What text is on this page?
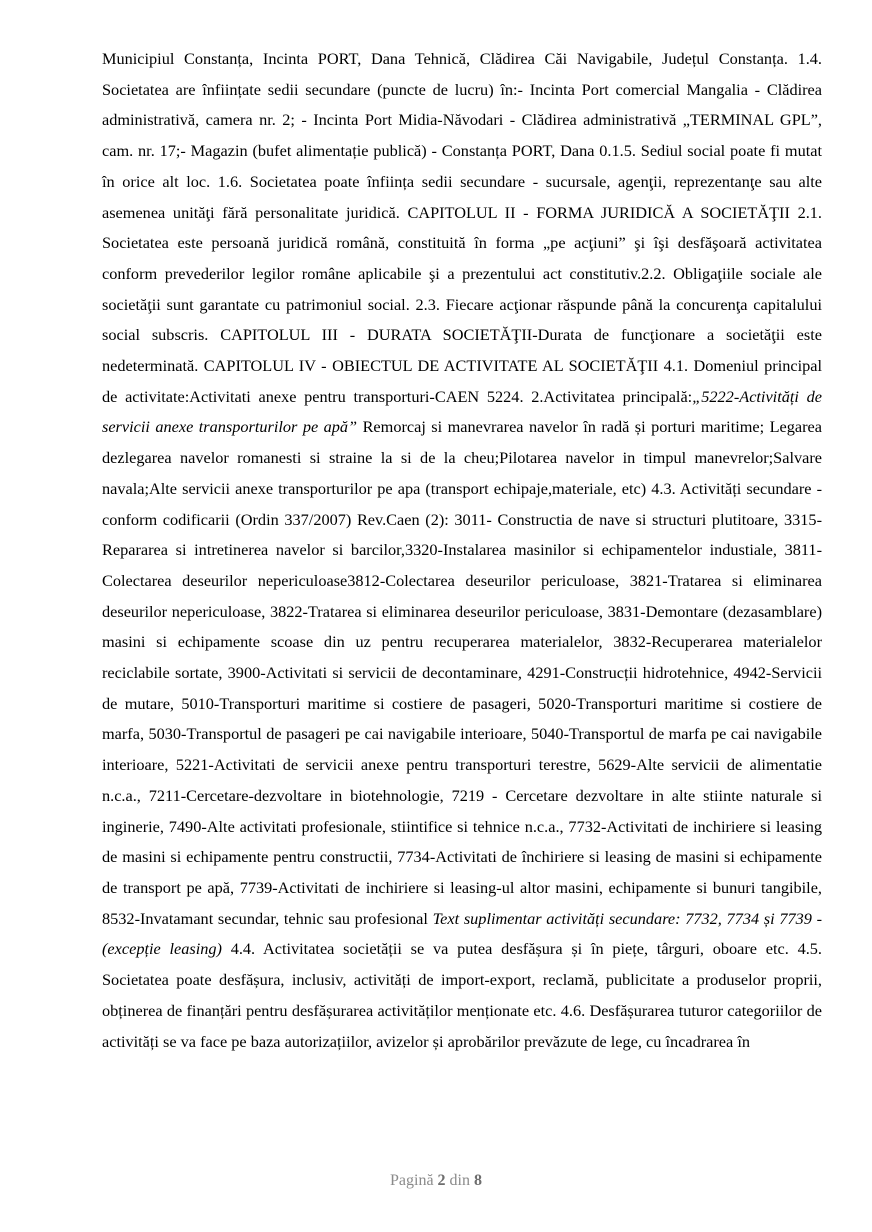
Municipiul Constanța, Incinta PORT, Dana Tehnică, Clădirea Căi Navigabile, Județul Constanța. 1.4. Societatea are înființate sedii secundare (puncte de lucru) în:- Incinta Port comercial Mangalia - Clădirea administrativă, camera nr. 2; - Incinta Port Midia-Năvodari - Clădirea administrativă „TERMINAL GPL”, cam. nr. 17;- Magazin (bufet alimentație publică) - Constanța PORT, Dana 0.1.5. Sediul social poate fi mutat în orice alt loc. 1.6. Societatea poate înființa sedii secundare - sucursale, agenţii, reprezentanţe sau alte asemenea unităţi fără personalitate juridică. CAPITOLUL II - FORMA JURIDICĂ A SOCIETĂŢII 2.1. Societatea este persoană juridică română, constituită în forma „pe acţiuni” şi îşi desfăşoară activitatea conform prevederilor legilor române aplicabile şi a prezentului act constitutiv.2.2. Obligaţiile sociale ale societăţii sunt garantate cu patrimoniul social. 2.3. Fiecare acţionar răspunde până la concurenţa capitalului social subscris. CAPITOLUL III - DURATA SOCIETĂŢII-Durata de funcţionare a societăţii este nedeterminată. CAPITOLUL IV - OBIECTUL DE ACTIVITATE AL SOCIETĂŢII 4.1. Domeniul principal de activitate:Activitati anexe pentru transporturi-CAEN 5224. 2.Activitatea principală:„5222-Activități de servicii anexe transporturilor pe apă” Remorcaj si manevrarea navelor în radă și porturi maritime; Legarea dezlegarea navelor romanesti si straine la si de la cheu;Pilotarea navelor in timpul manevrelor;Salvare navala;Alte servicii anexe transporturilor pe apa (transport echipaje,materiale, etc) 4.3. Activități secundare - conform codificarii (Ordin 337/2007) Rev.Caen (2): 3011- Constructia de nave si structuri plutitoare, 3315-Repararea si intretinerea navelor si barcilor,3320-Instalarea masinilor si echipamentelor industiale, 3811-Colectarea deseurilor nepericuloase3812-Colectarea deseurilor periculoase, 3821-Tratarea si eliminarea deseurilor nepericuloase, 3822-Tratarea si eliminarea deseurilor periculoase, 3831-Demontare (dezasamblare) masini si echipamente scoase din uz pentru recuperarea materialelor, 3832-Recuperarea materialelor reciclabile sortate, 3900-Activitati si servicii de decontaminare, 4291-Construcții hidrotehnice, 4942-Servicii de mutare, 5010-Transporturi maritime si costiere de pasageri, 5020-Transporturi maritime si costiere de marfa, 5030-Transportul de pasageri pe cai navigabile interioare, 5040-Transportul de marfa pe cai navigabile interioare, 5221-Activitati de servicii anexe pentru transporturi terestre, 5629-Alte servicii de alimentatie n.c.a., 7211-Cercetare-dezvoltare in biotehnologie, 7219 - Cercetare dezvoltare in alte stiinte naturale si inginerie, 7490-Alte activitati profesionale, stiintifice si tehnice n.c.a., 7732-Activitati de inchiriere si leasing de masini si echipamente pentru constructii, 7734-Activitati de închiriere si leasing de masini si echipamente de transport pe apă, 7739-Activitati de inchiriere si leasing-ul altor masini, echipamente si bunuri tangibile, 8532-Invatamant secundar, tehnic sau profesional Text suplimentar activități secundare: 7732, 7734 și 7739 - (excepție leasing) 4.4. Activitatea societății se va putea desfășura și în piețe, târguri, oboare etc. 4.5. Societatea poate desfășura, inclusiv, activități de import-export, reclamă, publicitate a produselor proprii, obținerea de finanțări pentru desfășurarea activităților menționate etc. 4.6. Desfășurarea tuturor categoriilor de activități se va face pe baza autorizațiilor, avizelor și aprobărilor prevăzute de lege, cu încadrarea în

Pagină 2 din 8
